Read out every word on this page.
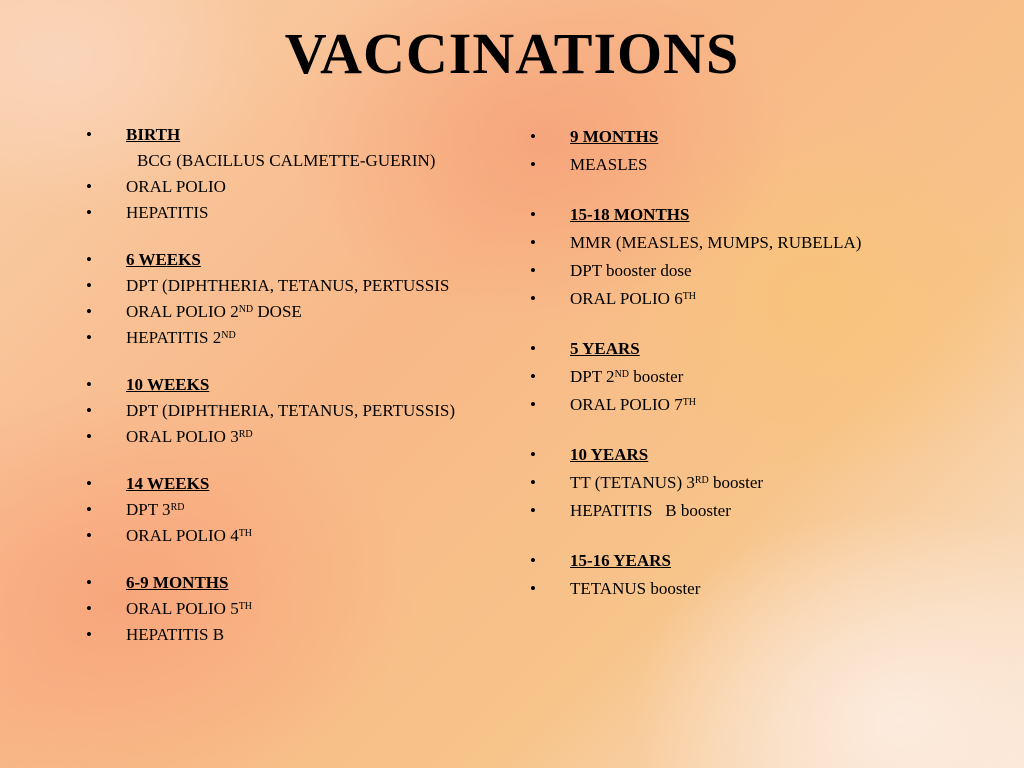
VACCINATIONS
• BIRTH
BCG (BACILLUS CALMETTE-GUERIN)
• ORAL POLIO
• HEPATITIS
• 6 WEEKS
• DPT (DIPHTHERIA, TETANUS, PERTUSSIS
• ORAL POLIO 2ND DOSE
• HEPATITIS 2ND
• 10 WEEKS
• DPT (DIPHTHERIA, TETANUS, PERTUSSIS)
• ORAL POLIO 3RD
• 14 WEEKS
• DPT 3RD
• ORAL POLIO 4TH
• 6-9 MONTHS
• ORAL POLIO 5TH
• HEPATITIS B
• 9 MONTHS
• MEASLES
• 15-18 MONTHS
• MMR (MEASLES, MUMPS, RUBELLA)
• DPT booster dose
• ORAL POLIO 6TH
• 5 YEARS
• DPT 2ND booster
• ORAL POLIO 7TH
• 10 YEARS
• TT (TETANUS) 3RD booster
• HEPATITIS   B booster
• 15-16 YEARS
• TETANUS booster
